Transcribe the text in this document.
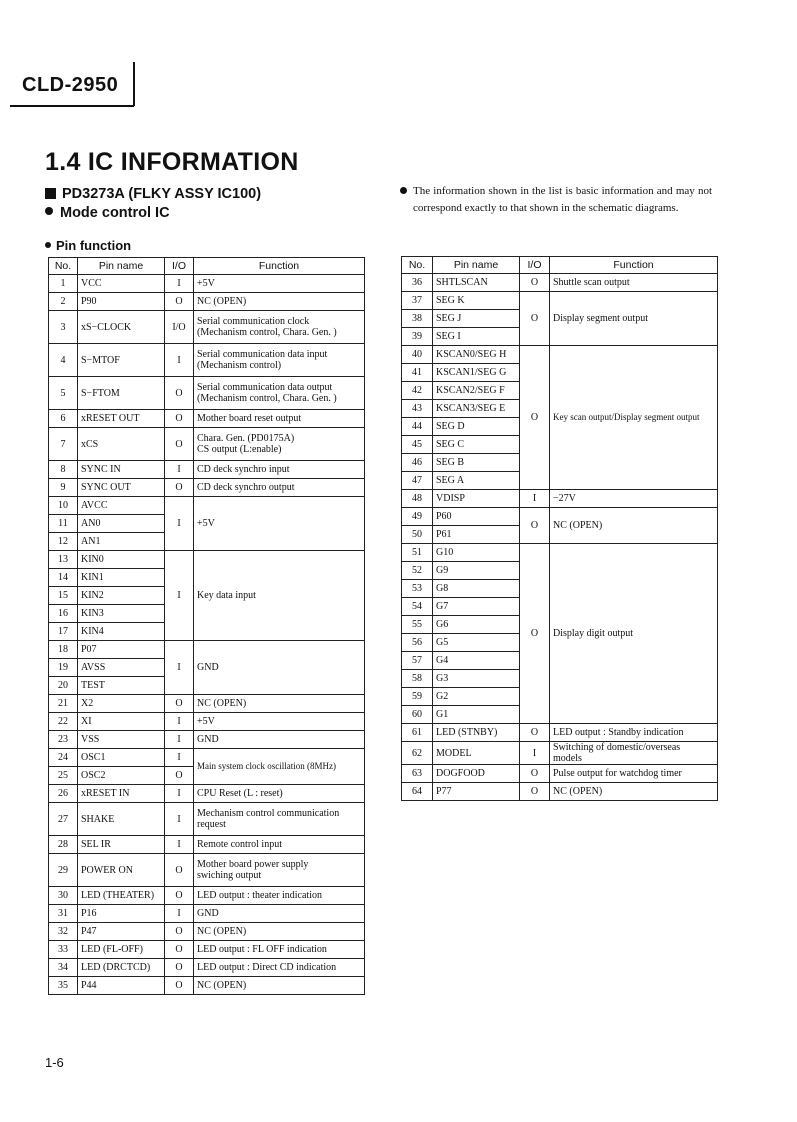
CLD-2950
1.4 IC INFORMATION
PD3273A (FLKY ASSY IC100)
Mode control IC
Pin function
The information shown in the list is basic information and may not correspond exactly to that shown in the schematic diagrams.
No.	Pin name	I/O	Function
1	VCC	I	+5V
2	P90	O	NC (OPEN)
3	xS−CLOCK	I/O	Serial communication clock
(Mechanism control, Chara. Gen. )
4	S−MTOF	I	Serial communication data input
(Mechanism control)
5	S−FTOM	O	Serial communication data output
(Mechanism control, Chara. Gen. )
6	xRESET OUT	O	Mother board reset output
7	xCS	O	Chara. Gen. (PD0175A)
CS output (L:enable)
8	SYNC IN	I	CD deck synchro input
9	SYNC OUT	O	CD deck synchro output
10	AVCC	I	+5V
11	AN0		
12	AN1		
13	KIN0	I	Key data input
14	KIN1		
15	KIN2		
16	KIN3		
17	KIN4		
18	P07	I	GND
19	AVSS		
20	TEST		
21	X2	O	NC (OPEN)
22	XI	I	+5V
23	VSS	I	GND
24	OSC1	I	Main system clock oscillation (8MHz)
25	OSC2	O	
26	xRESET IN	I	CPU Reset (L : reset)
27	SHAKE	I	Mechanism control communication
request
28	SEL IR	I	Remote control input
29	POWER ON	O	Mother board power supply
swiching output
30	LED (THEATER)	O	LED output : theater indication
31	P16	I	GND
32	P47	O	NC (OPEN)
33	LED (FL-OFF)	O	LED output : FL OFF indication
34	LED (DRCTCD)	O	LED output : Direct CD indication
35	P44	O	NC (OPEN)
No.	Pin name	I/O	Function
36	SHTLSCAN	O	Shuttle scan output
37	SEG K	O	Display segment output
38	SEG J		
39	SEG I		
40	KSCAN0/SEG H	O	Key scan output/Display segment output
41	KSCAN1/SEG G		
42	KSCAN2/SEG F		
43	KSCAN3/SEG E		
44	SEG D		
45	SEG C		
46	SEG B		
47	SEG A		
48	VDISP	I	−27V
49	P60	O	NC (OPEN)
50	P61		
51	G10	O	Display digit output
52	G9		
53	G8		
54	G7		
55	G6		
56	G5		
57	G4		
58	G3		
59	G2		
60	G1		
61	LED (STNBY)	O	LED output : Standby indication
62	MODEL	I	Switching of domestic/overseas
models
63	DOGFOOD	O	Pulse output for watchdog timer
64	P77	O	NC (OPEN)
1-6
